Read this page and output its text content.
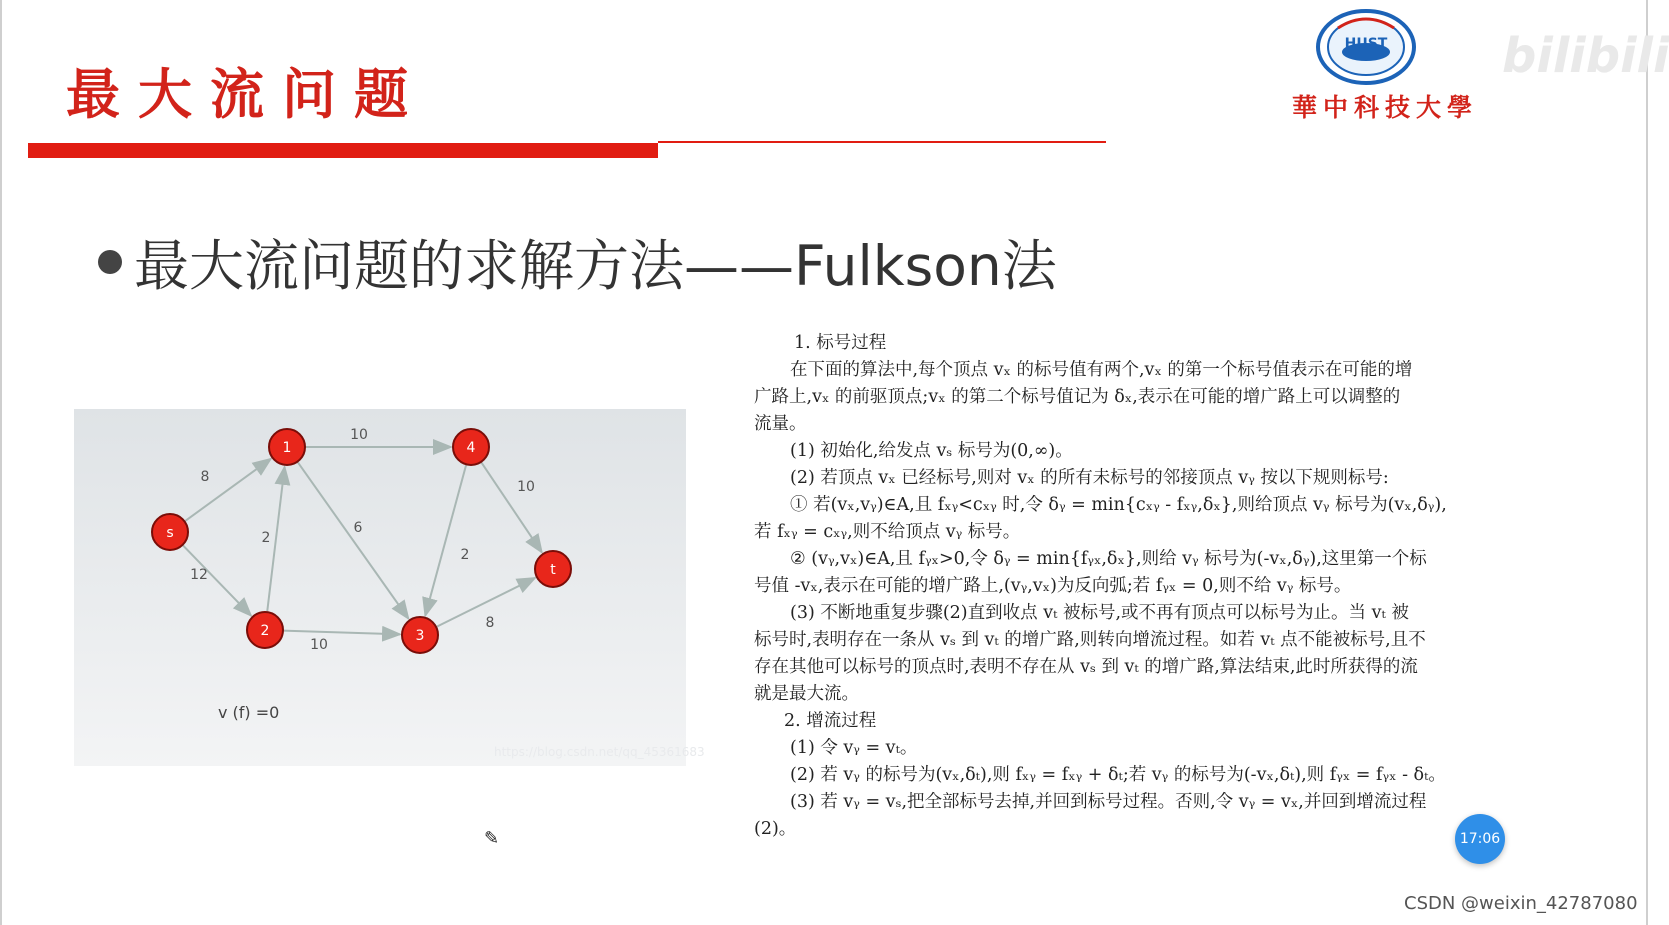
最大流问题
HUST
華中科技大學
bilibili
最大流问题的求解方法——Fulkson法
8
12
2
10
6
10
2
10
8
s
1
2	3
4
t
v (f) =0
https://blog.csdn.net/qq_45361683

1. 标号过程

在下面的算法中,每个顶点 vₓ 的标号值有两个,vₓ 的第一个标号值表示在可能的增

广路上,vₓ 的前驱顶点;vₓ 的第二个标号值记为 δₓ,表示在可能的增广路上可以调整的

流量。

(1) 初始化,给发点 vₛ 标号为(0,∞)。

(2) 若顶点 vₓ 已经标号,则对 vₓ 的所有未标号的邻接顶点 vᵧ 按以下规则标号:

① 若(vₓ,vᵧ)∈A,且 fₓᵧ<cₓᵧ 时,令 δᵧ = min{cₓᵧ - fₓᵧ,δₓ},则给顶点 vᵧ 标号为(vₓ,δᵧ),

若 fₓᵧ = cₓᵧ,则不给顶点 vᵧ 标号。

② (vᵧ,vₓ)∈A,且 fᵧₓ>0,令 δᵧ = min{fᵧₓ,δₓ},则给 vᵧ 标号为(-vₓ,δᵧ),这里第一个标

号值 -vₓ,表示在可能的增广路上,(vᵧ,vₓ)为反向弧;若 fᵧₓ = 0,则不给 vᵧ 标号。

(3) 不断地重复步骤(2)直到收点 vₜ 被标号,或不再有顶点可以标号为止。当 vₜ 被

标号时,表明存在一条从 vₛ 到 vₜ 的增广路,则转向增流过程。如若 vₜ 点不能被标号,且不

存在其他可以标号的顶点时,表明不存在从 vₛ 到 vₜ 的增广路,算法结束,此时所获得的流

就是最大流。

2. 增流过程

(1) 令 vᵧ = vₜ。

(2) 若 vᵧ 的标号为(vₓ,δₜ),则 fₓᵧ = fₓᵧ + δₜ;若 vᵧ 的标号为(-vₓ,δₜ),则 fᵧₓ = fᵧₓ - δₜ。

(3) 若 vᵧ = vₛ,把全部标号去掉,并回到标号过程。否则,令 vᵧ = vₓ,并回到增流过程

(2)。	17:06
✎
CSDN @weixin_42787080
